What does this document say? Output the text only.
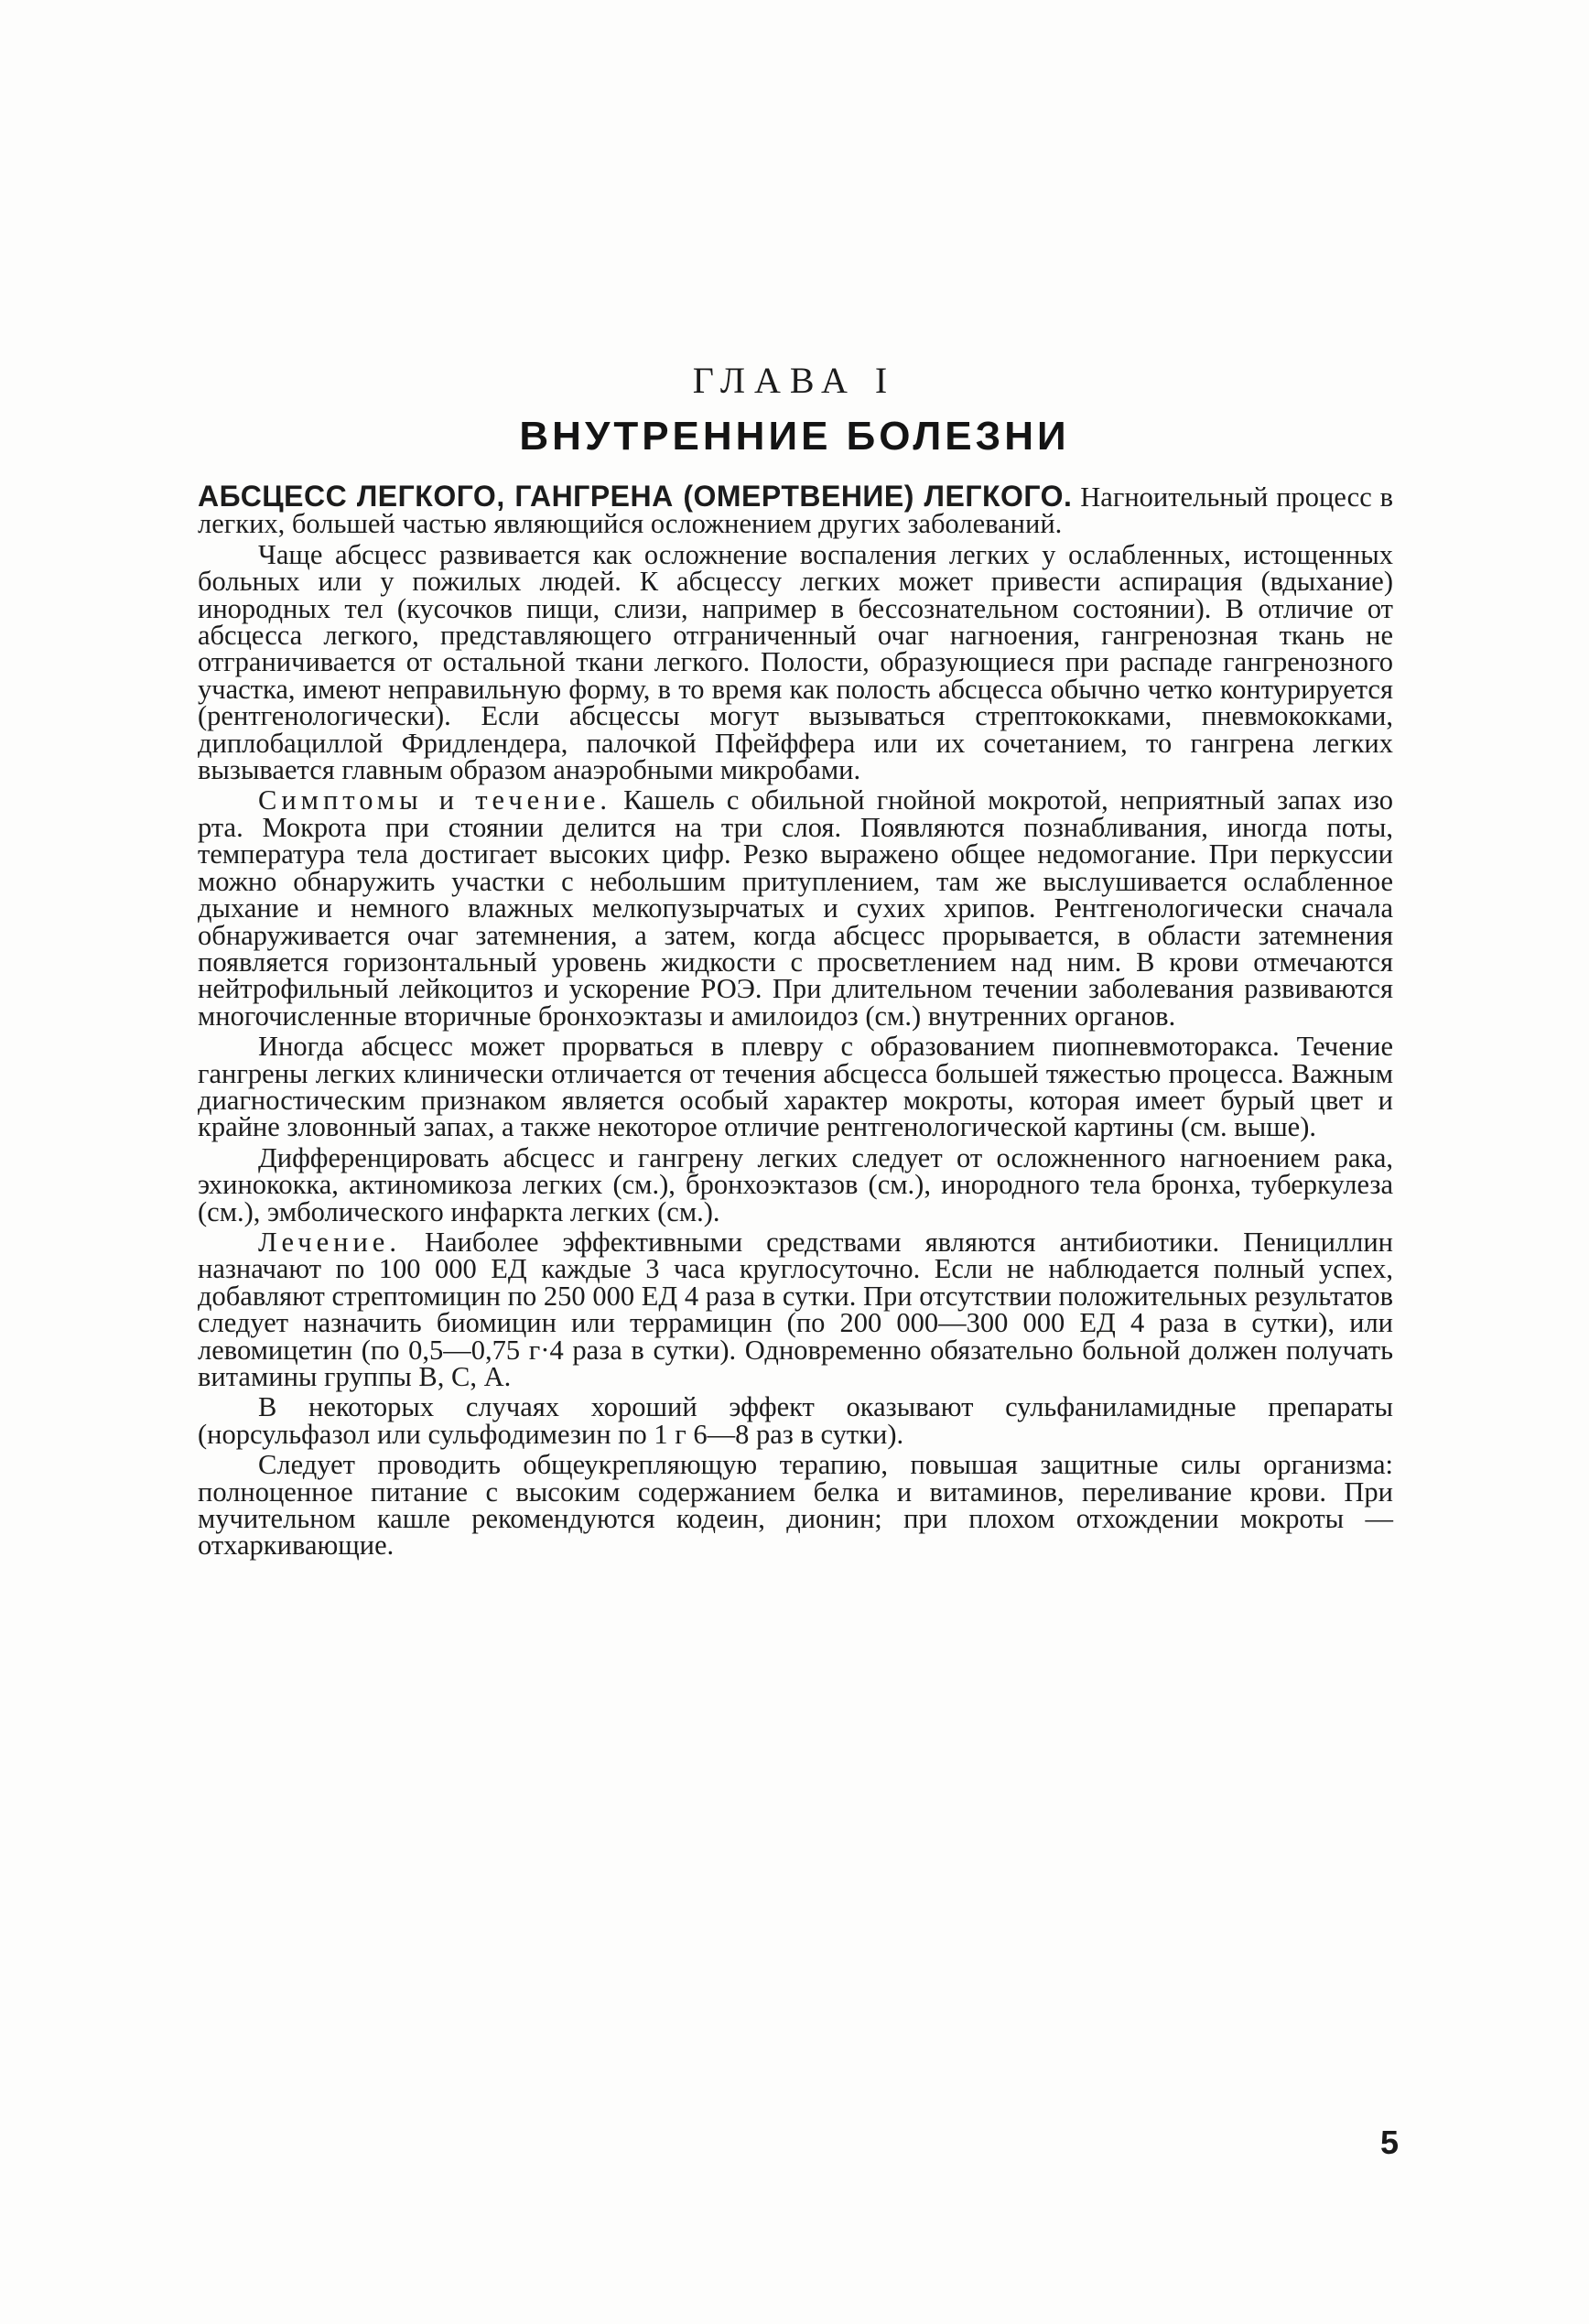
ГЛАВА I
ВНУТРЕННИЕ БОЛЕЗНИ

АБСЦЕСС ЛЕГКОГО, ГАНГРЕНА (ОМЕРТВЕНИЕ) ЛЕГКОГО. Нагноительный процесс в легких, большей частью являющийся осложнением других заболеваний.

Чаще абсцесс развивается как осложнение воспаления легких у ослабленных, истощенных больных или у пожилых людей. К абсцессу легких может привести аспирация (вдыхание) инородных тел (кусочков пищи, слизи, например в бессознательном состоянии). В отличие от абсцесса легкого, представляющего отграниченный очаг нагноения, гангренозная ткань не отграничивается от остальной ткани легкого. Полости, образующиеся при распаде гангренозного участка, имеют неправильную форму, в то время как полость абсцесса обычно четко контурируется (рентгенологически). Если абсцессы могут вызываться стрептококками, пневмококками, диплобациллой Фридлендера, палочкой Пфейффера или их сочетанием, то гангрена легких вызывается главным образом анаэробными микробами.

Симптомы и течение. Кашель с обильной гнойной мокротой, неприятный запах изо рта. Мокрота при стоянии делится на три слоя. Появляются познабливания, иногда поты, температура тела достигает высоких цифр. Резко выражено общее недомогание. При перкуссии можно обнаружить участки с небольшим притуплением, там же выслушивается ослабленное дыхание и немного влажных мелкопузырчатых и сухих хрипов. Рентгенологически сначала обнаруживается очаг затемнения, а затем, когда абсцесс прорывается, в области затемнения появляется горизонтальный уровень жидкости с просветлением над ним. В крови отмечаются нейтрофильный лейкоцитоз и ускорение РОЭ. При длительном течении заболевания развиваются многочисленные вторичные бронхоэктазы и амилоидоз (см.) внутренних органов.

Иногда абсцесс может прорваться в плевру с образованием пиопневмоторакса. Течение гангрены легких клинически отличается от течения абсцесса большей тяжестью процесса. Важным диагностическим признаком является особый характер мокроты, которая имеет бурый цвет и крайне зловонный запах, а также некоторое отличие рентгенологической картины (см. выше).

Дифференцировать абсцесс и гангрену легких следует от осложненного нагноением рака, эхинококка, актиномикоза легких (см.), бронхоэктазов (см.), инородного тела бронха, туберкулеза (см.), эмболического инфаркта легких (см.).

Лечение. Наиболее эффективными средствами являются антибиотики. Пенициллин назначают по 100 000 ЕД каждые 3 часа круглосуточно. Если не наблюдается полный успех, добавляют стрептомицин по 250 000 ЕД 4 раза в сутки. При отсутствии положительных результатов следует назначить биомицин или террамицин (по 200 000—300 000 ЕД 4 раза в сутки), или левомицетин (по 0,5—0,75 г·4 раза в сутки). Одновременно обязательно больной должен получать витамины группы В, С, А.

В некоторых случаях хороший эффект оказывают сульфаниламидные препараты (норсульфазол или сульфодимезин по 1 г 6—8 раз в сутки).

Следует проводить общеукрепляющую терапию, повышая защитные силы организма: полноценное питание с высоким содержанием белка и витаминов, переливание крови. При мучительном кашле рекомендуются кодеин, дионин; при плохом отхождении мокроты — отхаркивающие.

5
